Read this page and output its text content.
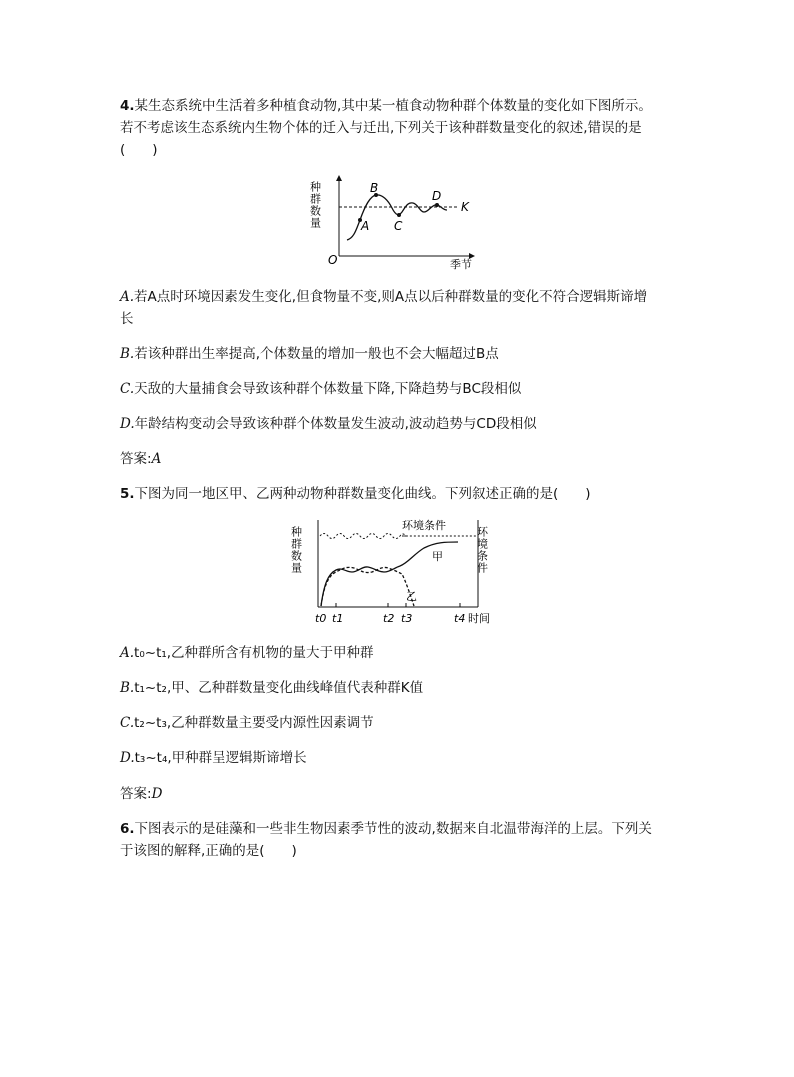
4.某生态系统中生活着多种植食动物,其中某一植食动物种群个体数量的变化如下图所示。
若不考虑该生态系统内生物个体的迁入与迁出,下列关于该种群数量变化的叙述,错误的是
(　　)
种群数量
O	季节
K
A
B
C
D
A.若A点时环境因素发生变化,但食物量不变,则A点以后种群数量的变化不符合逻辑斯谛增
长
B.若该种群出生率提高,个体数量的增加一般也不会大幅超过B点
C.天敌的大量捕食会导致该种群个体数量下降,下降趋势与BC段相似
D.年龄结构变动会导致该种群个体数量发生波动,波动趋势与CD段相似
答案:A
5.下图为同一地区甲、乙两种动物种群数量变化曲线。下列叙述正确的是(　　)
种群数量	环境条件
环境条件
甲
乙
t0 t1	t2 t3	t4 时间
A.t₀~t₁,乙种群所含有机物的量大于甲种群
B.t₁~t₂,甲、乙种群数量变化曲线峰值代表种群K值
C.t₂~t₃,乙种群数量主要受内源性因素调节
D.t₃~t₄,甲种群呈逻辑斯谛增长
答案:D
6.下图表示的是硅藻和一些非生物因素季节性的波动,数据来自北温带海洋的上层。下列关
于该图的解释,正确的是(　　)
